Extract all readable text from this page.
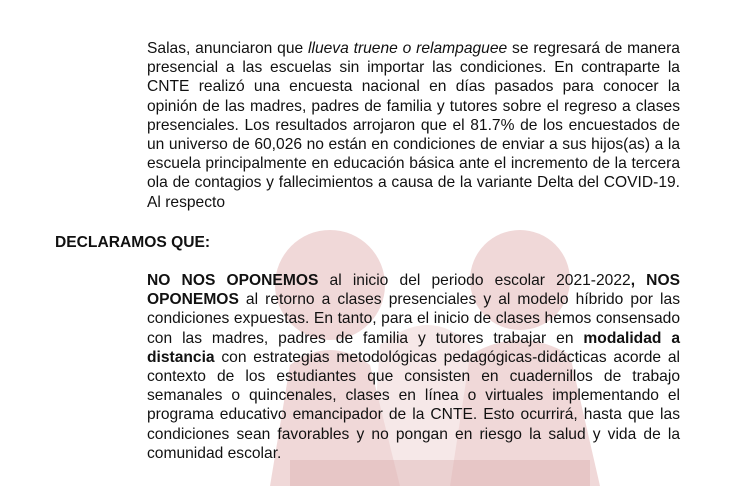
Salas, anunciaron que llueva truene o relampaguee se regresará de manera presencial a las escuelas sin importar las condiciones. En contraparte la CNTE realizó una encuesta nacional en días pasados para conocer la opinión de las madres, padres de familia y tutores sobre el regreso a clases presenciales. Los resultados arrojaron que el 81.7% de los encuestados de un universo de 60,026 no están en condiciones de enviar a sus hijos(as) a la escuela principalmente en educación básica ante el incremento de la tercera ola de contagios y fallecimientos a causa de la variante Delta del COVID-19. Al respecto

DECLARAMOS QUE:

NO NOS OPONEMOS al inicio del periodo escolar 2021-2022, NOS OPONEMOS al retorno a clases presenciales y al modelo híbrido por las condiciones expuestas. En tanto, para el inicio de clases hemos consensado con las madres, padres de familia y tutores trabajar en modalidad a distancia con estrategias metodológicas pedagógicas-didácticas acorde al contexto de los estudiantes que consisten en cuadernillos de trabajo semanales o quincenales, clases en línea o virtuales implementando el programa educativo emancipador de la CNTE. Esto ocurrirá, hasta que las condiciones sean favorables y no pongan en riesgo la salud y vida de la comunidad escolar.
